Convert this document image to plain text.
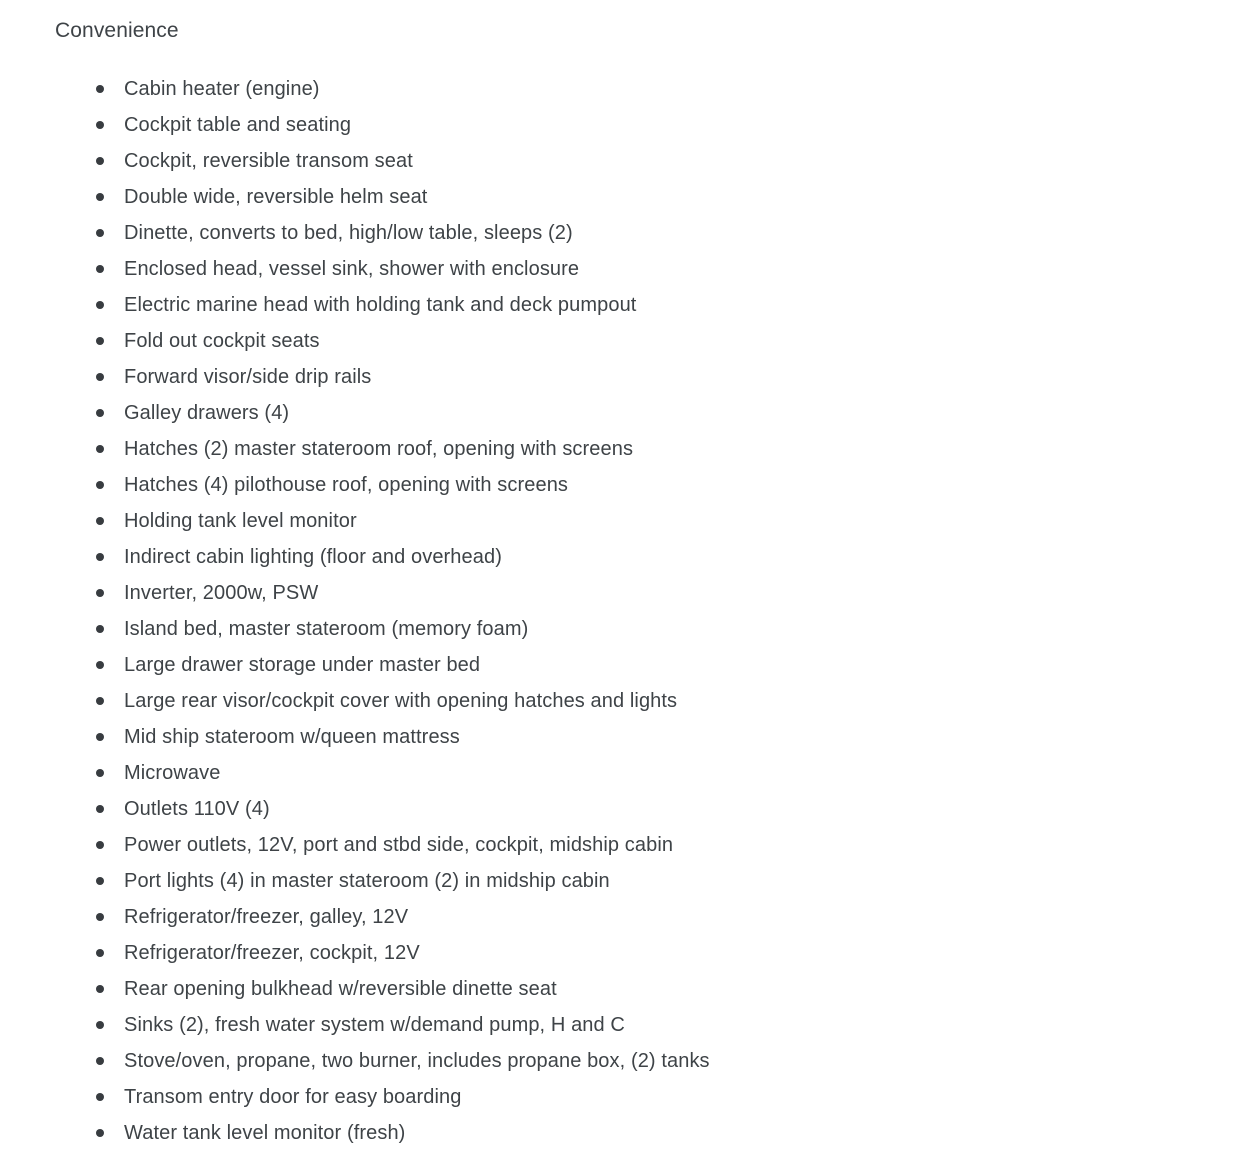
Convenience
Cabin heater (engine)
Cockpit table and seating
Cockpit, reversible transom seat
Double wide, reversible helm seat
Dinette, converts to bed, high/low table, sleeps (2)
Enclosed head, vessel sink, shower with enclosure
Electric marine head with holding tank and deck pumpout
Fold out cockpit seats
Forward visor/side drip rails
Galley drawers (4)
Hatches (2) master stateroom roof, opening with screens
Hatches (4) pilothouse roof, opening with screens
Holding tank level monitor
Indirect cabin lighting (floor and overhead)
Inverter, 2000w, PSW
Island bed, master stateroom (memory foam)
Large drawer storage under master bed
Large rear visor/cockpit cover with opening hatches and lights
Mid ship stateroom w/queen mattress
Microwave
Outlets 110V (4)
Power outlets, 12V, port and stbd side, cockpit, midship cabin
Port lights (4) in master stateroom (2) in midship cabin
Refrigerator/freezer, galley, 12V
Refrigerator/freezer, cockpit, 12V
Rear opening bulkhead w/reversible dinette seat
Sinks (2), fresh water system w/demand pump, H and C
Stove/oven, propane, two burner, includes propane box, (2) tanks
Transom entry door for easy boarding
Water tank level monitor (fresh)
